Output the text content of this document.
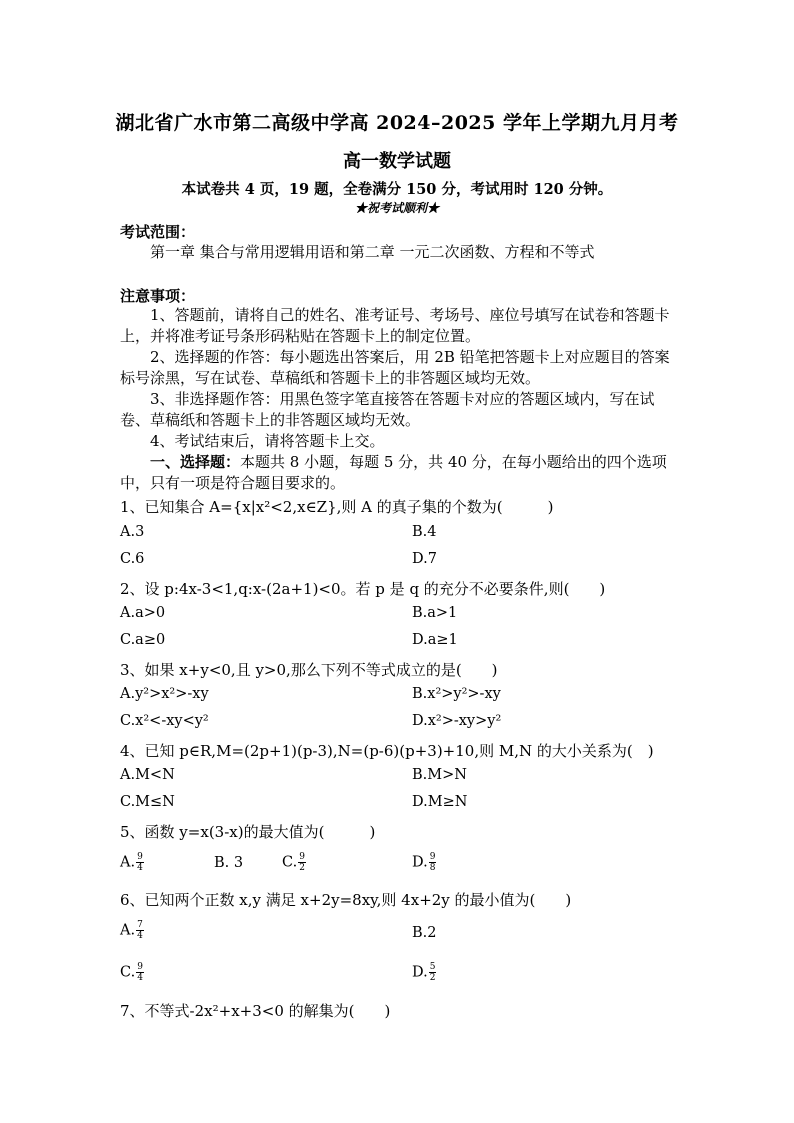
湖北省广水市第二高级中学高 2024–2025 学年上学期九月月考
高一数学试题
本试卷共 4 页，19 题，全卷满分 150 分，考试用时 120 分钟。
★祝考试顺利★
考试范围：
第一章 集合与常用逻辑用语和第二章 一元二次函数、方程和不等式
注意事项：
1、答题前，请将自己的姓名、准考证号、考场号、座位号填写在试卷和答题卡上，并将准考证号条形码粘贴在答题卡上的制定位置。
2、选择题的作答：每小题选出答案后，用 2B 铅笔把答题卡上对应题目的答案标号涂黑，写在试卷、草稿纸和答题卡上的非答题区域均无效。
3、非选择题作答：用黑色签字笔直接答在答题卡对应的答题区域内，写在试卷、草稿纸和答题卡上的非答题区域均无效。
4、考试结束后，请将答题卡上交。
一、选择题：本题共 8 小题，每题 5 分，共 40 分，在每小题给出的四个选项中，只有一项是符合题目要求的。
1、已知集合 A={x|x²<2,x∈Z},则 A 的真子集的个数为(　　　)
A.3	B.4
C.6	D.7
2、设 p:4x-3<1,q:x-(2a+1)<0。若 p 是 q 的充分不必要条件,则(　　)
A.a>0	B.a>1
C.a≥0	D.a≥1
3、如果 x+y<0,且 y>0,那么下列不等式成立的是(　　)
A.y²>x²>-xy	B.x²>y²>-xy
C.x²<-xy<y²	D.x²>-xy>y²
4、已知 p∈R,M=(2p+1)(p-3),N=(p-6)(p+3)+10,则 M,N 的大小关系为(　)
A.M<N	B.M>N
C.M≤N	D.M≥N
5、函数 y=x(3-x)的最大值为(　　　)
A. $\frac{9}{4}$	B. 3	C. $\frac{9}{2}$	D. $\frac{9}{8}$
6、已知两个正数 x,y 满足 x+2y=8xy,则 4x+2y 的最小值为(　　)
A. $\frac{7}{4}$	B.2
C. $\frac{9}{4}$	D. $\frac{5}{2}$
7、不等式-2x²+x+3<0 的解集为(　　)
